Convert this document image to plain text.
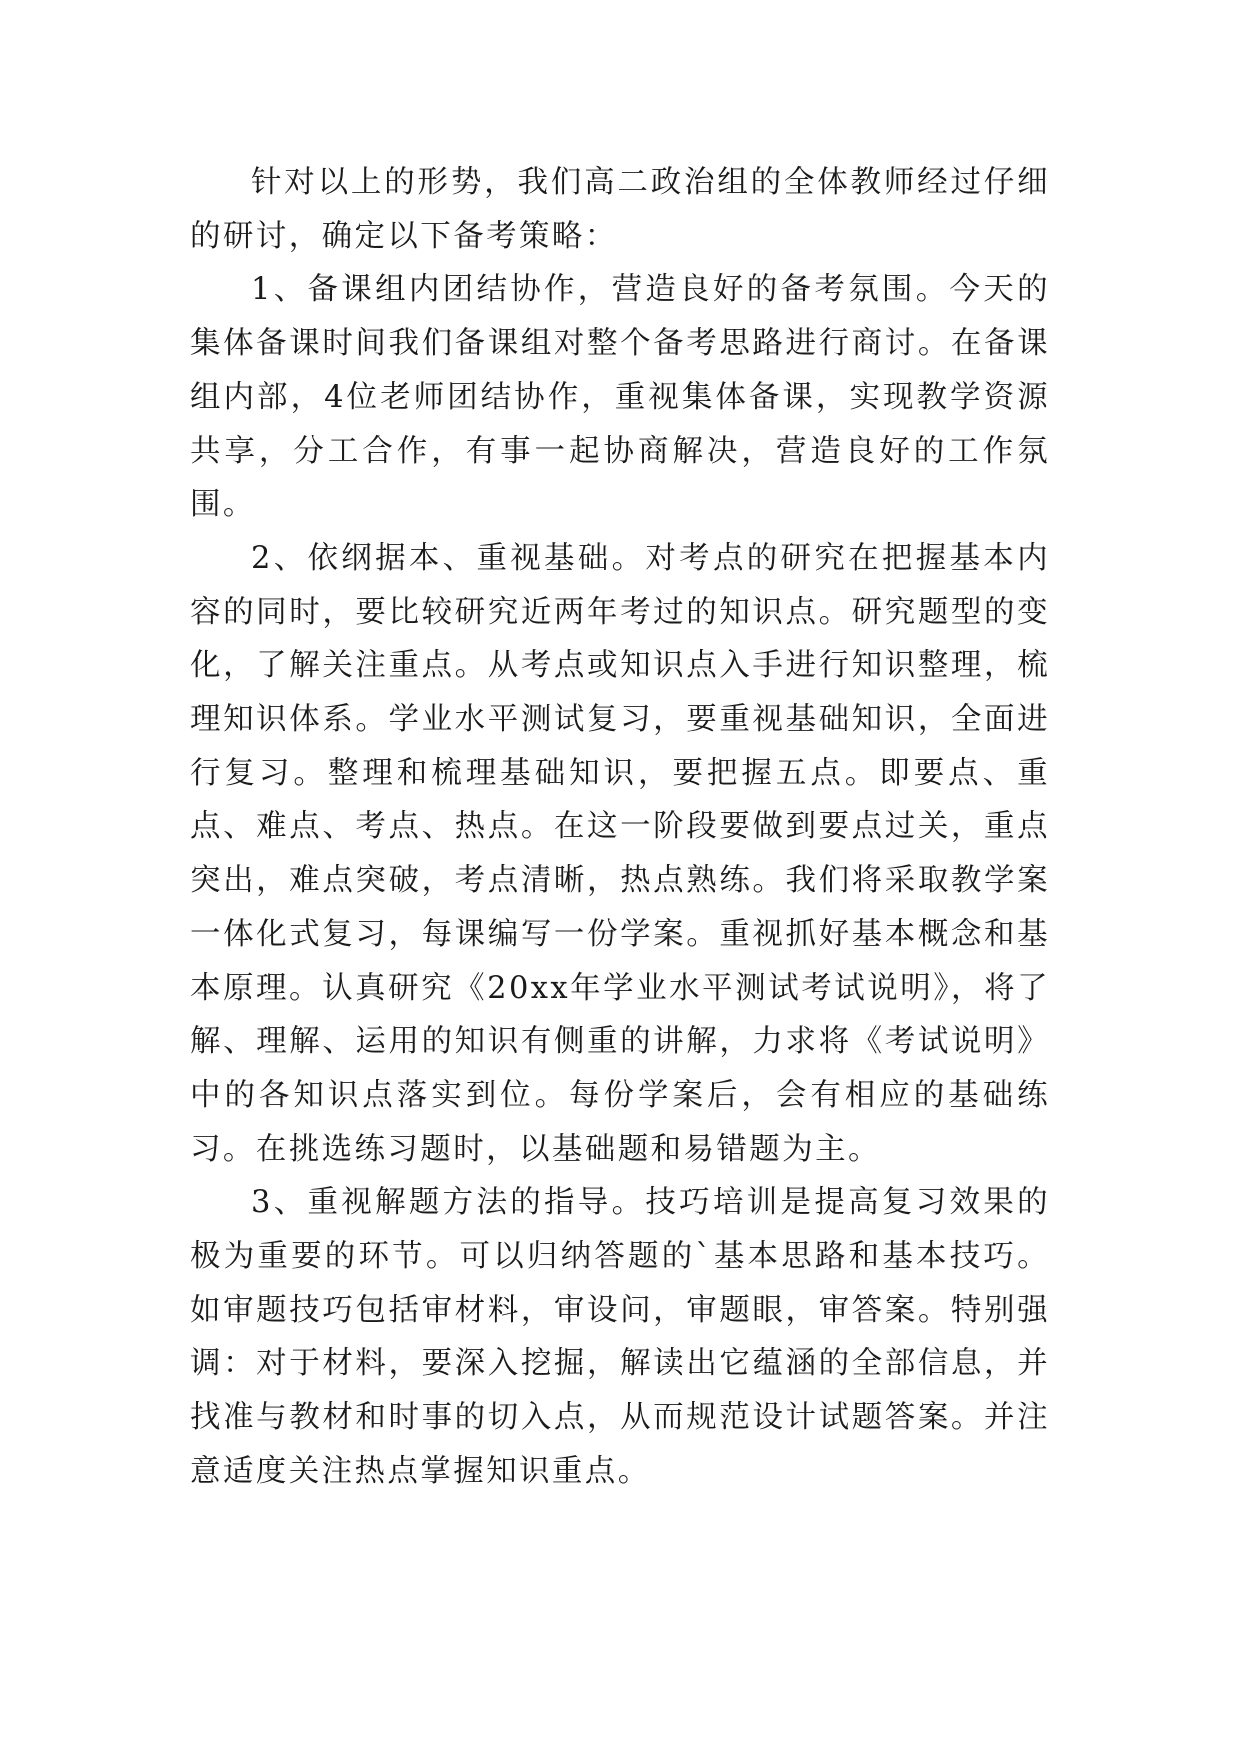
针对以上的形势，我们高二政治组的全体教师经过仔细的研讨，确定以下备考策略：

1、备课组内团结协作，营造良好的备考氛围。今天的集体备课时间我们备课组对整个备考思路进行商讨。在备课组内部，4位老师团结协作，重视集体备课，实现教学资源共享，分工合作，有事一起协商解决，营造良好的工作氛围。

2、依纲据本、重视基础。对考点的研究在把握基本内容的同时，要比较研究近两年考过的知识点。研究题型的变化，了解关注重点。从考点或知识点入手进行知识整理，梳理知识体系。学业水平测试复习，要重视基础知识，全面进行复习。整理和梳理基础知识，要把握五点。即要点、重点、难点、考点、热点。在这一阶段要做到要点过关，重点突出，难点突破，考点清晰，热点熟练。我们将采取教学案一体化式复习，每课编写一份学案。重视抓好基本概念和基本原理。认真研究《20xx年学业水平测试考试说明》，将了解、理解、运用的知识有侧重的讲解，力求将《考试说明》中的各知识点落实到位。每份学案后，会有相应的基础练习。在挑选练习题时，以基础题和易错题为主。

3、重视解题方法的指导。技巧培训是提高复习效果的极为重要的环节。可以归纳答题的`基本思路和基本技巧。如审题技巧包括审材料，审设问，审题眼，审答案。特别强调：对于材料，要深入挖掘，解读出它蕴涵的全部信息，并找准与教材和时事的切入点，从而规范设计试题答案。并注意适度关注热点掌握知识重点。
